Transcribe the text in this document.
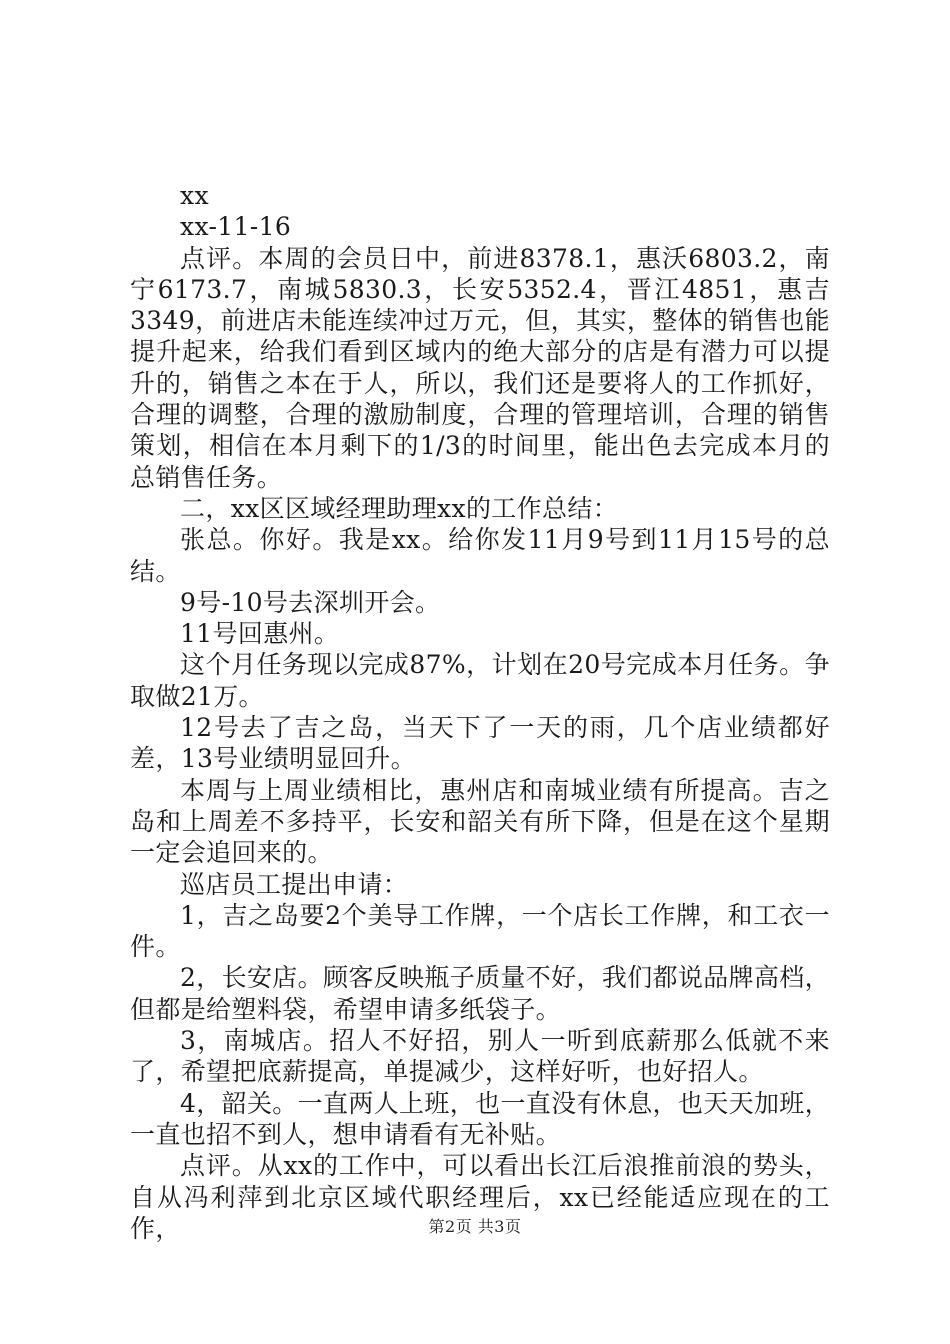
xx

xx-11-16

点评。本周的会员日中，前进8378.1，惠沃6803.2，南宁6173.7，南城5830.3，长安5352.4，晋江4851，惠吉3349，前进店未能连续冲过万元，但，其实，整体的销售也能提升起来，给我们看到区域内的绝大部分的店是有潜力可以提升的，销售之本在于人，所以，我们还是要将人的工作抓好，合理的调整，合理的激励制度，合理的管理培训，合理的销售策划，相信在本月剩下的1/3的时间里，能出色去完成本月的总销售任务。

二，xx区区域经理助理xx的工作总结：

张总。你好。我是xx。给你发11月9号到11月15号的总结。

9号-10号去深圳开会。

11号回惠州。

这个月任务现以完成87%，计划在20号完成本月任务。争取做21万。

12号去了吉之岛，当天下了一天的雨，几个店业绩都好差，13号业绩明显回升。

本周与上周业绩相比，惠州店和南城业绩有所提高。吉之岛和上周差不多持平，长安和韶关有所下降，但是在这个星期一定会追回来的。

巡店员工提出申请：

1，吉之岛要2个美导工作牌，一个店长工作牌，和工衣一件。

2，长安店。顾客反映瓶子质量不好，我们都说品牌高档，但都是给塑料袋，希望申请多纸袋子。

3，南城店。招人不好招，别人一听到底薪那么低就不来了，希望把底薪提高，单提减少，这样好听，也好招人。

4，韶关。一直两人上班，也一直没有休息，也天天加班，一直也招不到人，想申请看有无补贴。

点评。从xx的工作中，可以看出长江后浪推前浪的势头，自从冯利萍到北京区域代职经理后，xx已经能适应现在的工作，	第2页 共3页
